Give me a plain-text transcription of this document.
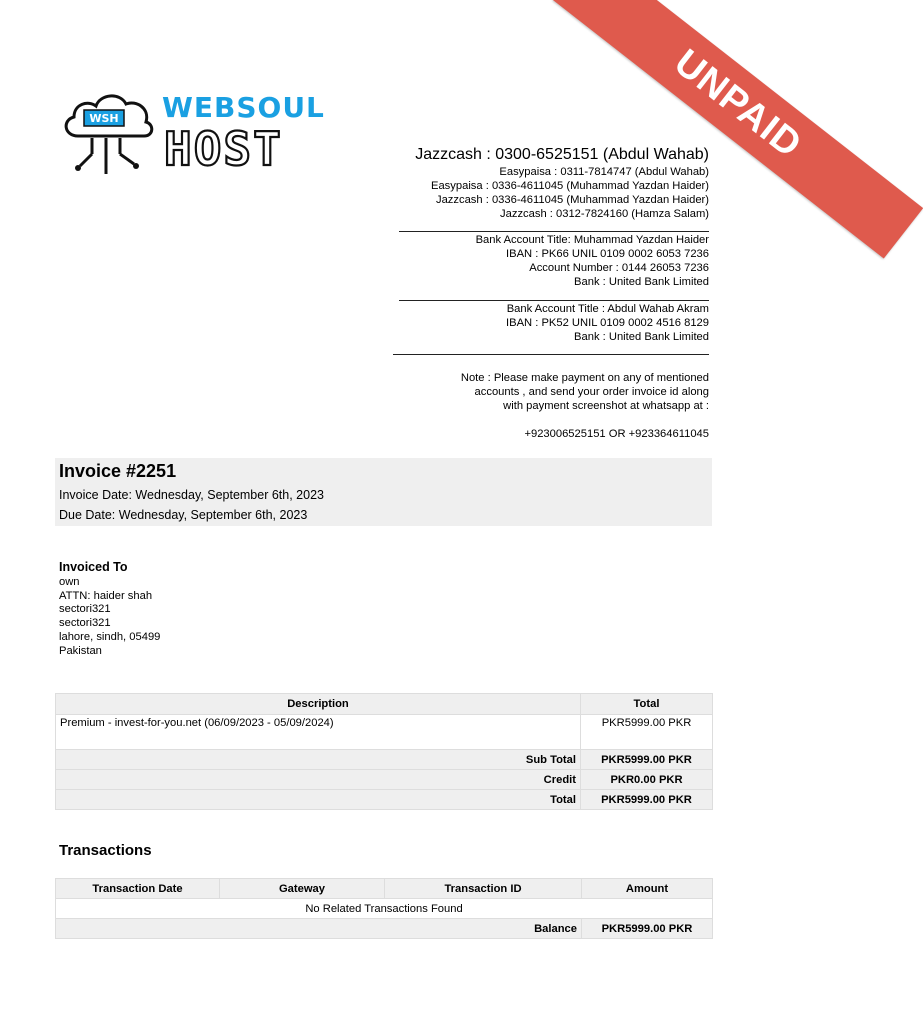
UNPAID
WSH WEBSOUL
HOST	Jazzcash : 0300-6525151 (Abdul Wahab)
Easypaisa : 0311-7814747 (Abdul Wahab)
Easypaisa : 0336-4611045 (Muhammad Yazdan Haider)
Jazzcash : 0336-4611045 (Muhammad Yazdan Haider)
Jazzcash : 0312-7824160 (Hamza Salam)
Bank Account Title: Muhammad Yazdan Haider
IBAN : PK66 UNIL 0109 0002 6053 7236
Account Number : 0144 26053 7236
Bank : United Bank Limited
Bank Account Title : Abdul Wahab Akram
IBAN : PK52 UNIL 0109 0002 4516 8129
Bank : United Bank Limited
Note : Please make payment on any of mentioned
accounts , and send your order invoice id along
with payment screenshot at whatsapp at :
+923006525151 OR +923364611045
Invoice #2251
Invoice Date: Wednesday, September 6th, 2023
Due Date: Wednesday, September 6th, 2023
Invoiced To
own
ATTN: haider shah
sectori321
sectori321
lahore, sindh, 05499
Pakistan
Description	Total
Premium - invest-for-you.net (06/09/2023 - 05/09/2024)	PKR5999.00 PKR
Sub Total	PKR5999.00 PKR
Credit	PKR0.00 PKR
Total	PKR5999.00 PKR
Transactions
Transaction Date	Gateway	Transaction ID	Amount
No Related Transactions Found			
Balance			PKR5999.00 PKR
